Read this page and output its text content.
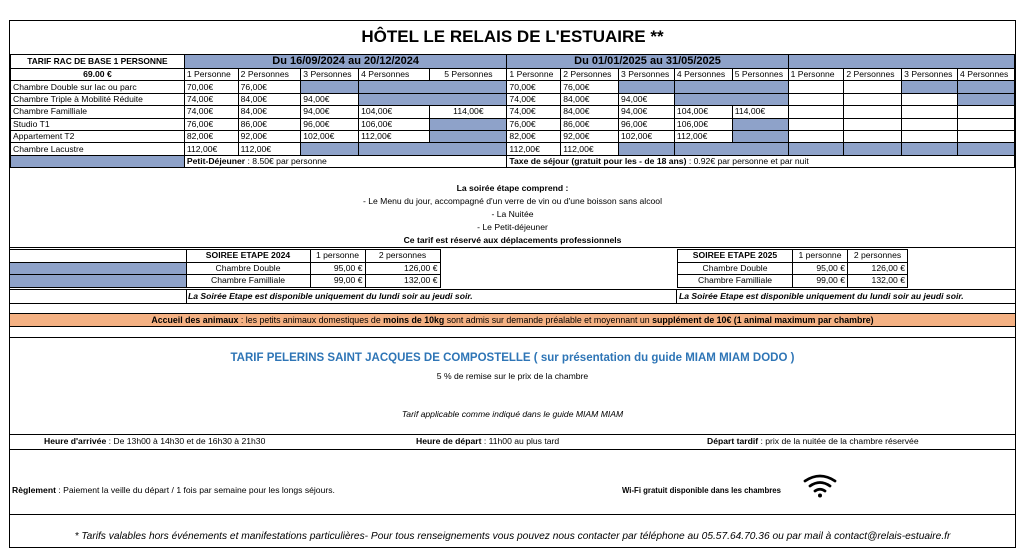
HÔTEL LE RELAIS DE L'ESTUAIRE **
TARIF RAC DE BASE 1 PERSONNE	Du 16/09/2024 au 20/12/2024					Du 01/01/2025 au 31/05/2025								
69.00 €	1 Personne	2 Personnes	3 Personnes	4 Personnes	5 Personnes	1 Personne	2 Personnes	3 Personnes	4 Personnes	5 Personnes	1 Personne	2 Personnes	3 Personnes	4 Personnes
Chambre Double sur lac ou parc	70,00€	76,00€				70,00€	76,00€							
Chambre Triple à Mobilité Réduite	74,00€	84,00€	94,00€			74,00€	84,00€	94,00€						
Chambre Familliale	74,00€	84,00€	94,00€	104,00€	114,00€	74,00€	84,00€	94,00€	104,00€	114,00€				
Studio T1	76,00€	86,00€	96,00€	106,00€		76,00€	86,00€	96,00€	106,00€					
Appartement T2	82,00€	92,00€	102,00€	112,00€		82,00€	92,00€	102,00€	112,00€					
Chambre Lacustre	112,00€	112,00€				112,00€	112,00€							
	Petit-Déjeuner : 8.50€ par personne					Taxe de séjour (gratuit pour les - de 18 ans) : 0.92€ par personne et par nuit								
La soirée étape comprend :
- Le Menu du jour, accompagné d'un verre de vin ou d'une boisson sans alcool
- La Nuitée
- Le Petit-déjeuner
Ce tarif est réservé aux déplacements professionnels
	SOIREE ETAPE 2024	1 personne	2 personnes
	Chambre Double	95,00 €	126,00 €
	Chambre Familliale	99,00 €	132,00 €
SOIREE ETAPE 2025	1 personne	2 personnes
Chambre Double	95,00 €	126,00 €
Chambre Familliale	99,00 €	132,00 €
La Soirée Etape est disponible uniquement du lundi soir au jeudi soir.	La Soirée Etape est disponible uniquement du lundi soir au jeudi soir.
Accueil des animaux : les petits animaux domestiques de moins de 10kg sont admis sur demande préalable et moyennant un supplément de 10€ (1 animal maximum par chambre)
TARIF PELERINS SAINT JACQUES DE COMPOSTELLE ( sur présentation du guide MIAM MIAM DODO )
5 % de remise sur le prix de la chambre
Tarif applicable comme indiqué dans le guide MIAM MIAM
Heure d'arrivée : De 13h00 à 14h30 et de 16h30 à 21h30	Heure de départ : 11h00 au plus tard	Départ tardif : prix de la nuitée de la chambre réservée
Règlement : Paiement la veille du départ / 1 fois par semaine pour les longs séjours.	Wi-Fi gratuit disponible dans les chambres
* Tarifs valables hors événements et manifestations particulières- Pour tous renseignements vous pouvez nous contacter par téléphone au 05.57.64.70.36 ou par mail à contact@relais-estuaire.fr
